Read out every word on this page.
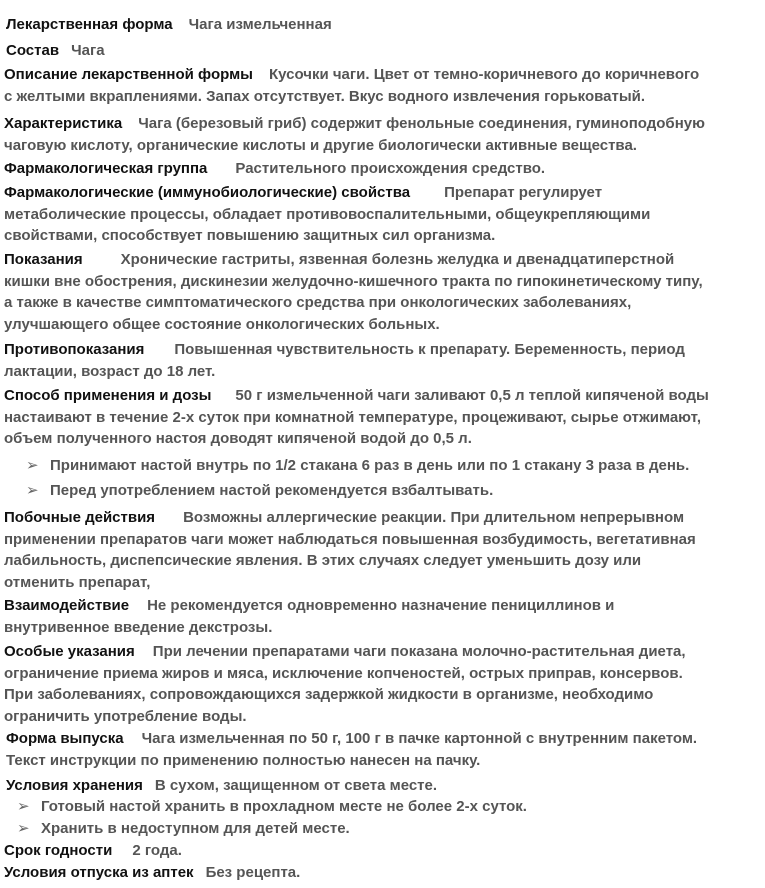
Лекарственная форма Чага измельченная
Состав Чага
Описание лекарственной формы Кусочки чаги. Цвет от темно-коричневого до коричневого
с желтыми вкраплениями. Запах отсутствует. Вкус водного извлечения горьковатый.
Характеристика Чага (березовый гриб) содержит фенольные соединения, гуминоподобную
чаговую кислоту, органические кислоты и другие биологически активные вещества.
Фармакологическая группа Растительного происхождения средство.
Фармакологические (иммунобиологические) свойства Препарат регулирует
метаболические процессы, обладает противовоспалительными, общеукрепляющими
свойствами, способствует повышению защитных сил организма.
Показания	Хронические гастриты, язвенная болезнь желудка и двенадцатиперстной
кишки вне обострения, дискинезии желудочно-кишечного тракта по гипокинетическому типу,
а также в качестве симптоматического средства при онкологических заболеваниях,
улучшающего общее состояние онкологических больных.
Противопоказания Повышенная чувствительность к препарату. Беременность, период
лактации, возраст до 18 лет.
Способ применения и дозы 50 г измельченной чаги заливают 0,5 л теплой кипяченой воды
настаивают в течение 2-х суток при комнатной температуре, процеживают, сырье отжимают,
объем полученного настоя доводят кипяченой водой до 0,5 л.
Побочные действия Возможны аллергические реакции. При длительном непрерывном
применении препаратов чаги может наблюдаться повышенная возбудимость, вегетативная
лабильность, диспепсические явления. В этих случаях следует уменьшить дозу или
отменить препарат,
Взаимодействие Не рекомендуется одновременно назначение пенициллинов и
внутривенное введение декстрозы.
Особые указания При лечении препаратами чаги показана молочно-растительная диета,
ограничение приема жиров и мяса, исключение копченостей, острых приправ, консервов.
При заболеваниях, сопровождающихся задержкой жидкости в организме, необходимо
ограничить употребление воды.
Форма выпуска Чага измельченная по 50 г, 100 г в пачке картонной с внутренним пакетом.
Текст инструкции по применению полностью нанесен на пачку.
Условия хранения В сухом, защищенном от света месте.
Срок годности 2 года.
Условия отпуска из аптек Без рецепта.
➢ Принимают настой внутрь по 1/2 стакана 6 раз в день или по 1 стакану 3 раза в день.
➢ Перед употреблением настой рекомендуется взбалтывать.
➢ Готовый настой хранить в прохладном месте не более 2-х суток.
➢ Хранить в недоступном для детей месте.
